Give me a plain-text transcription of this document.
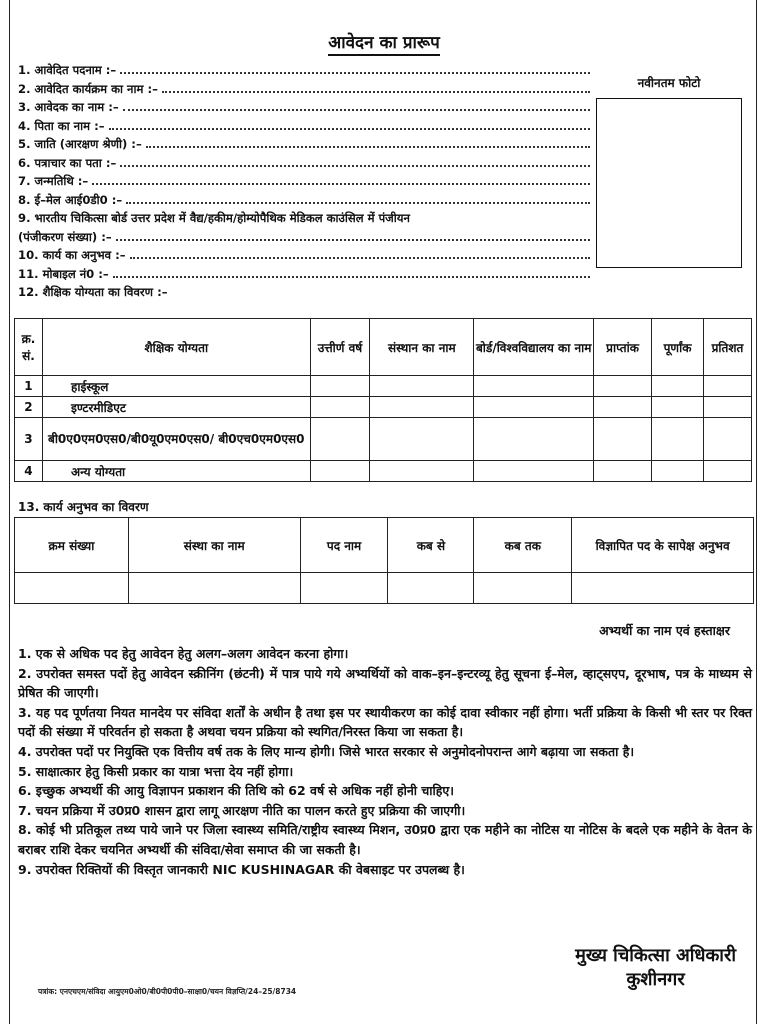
आवेदन का प्रारूप
1. आवेदित पदनाम :–
2. आवेदित कार्यक्रम का नाम :–
3. आवेदक का नाम :–
4. पिता का नाम :–
5. जाति (आरक्षण श्रेणी) :–
6. पत्राचार का पता :–
7. जन्मतिथि :–
8. ई–मेल आई0डी0 :–
9. भारतीय चिकित्सा बोर्ड उत्तर प्रदेश में वैद्य/हकीम/होम्योपैथिक मेडिकल काउंसिल में पंजीयन
(पंजीकरण संख्या) :–
10. कार्य का अनुभव :–
11. मोबाइल नं0 :–
12. शैक्षिक योग्यता का विवरण :–
नवीनतम फोटो
क्र. सं.	शैक्षिक योग्यता	उत्तीर्ण वर्ष	संस्थान का नाम	बोर्ड/विश्वविद्यालय का नाम	प्राप्तांक	पूर्णांक	प्रतिशत
1	हाईस्कूल						
2	इण्टरमीडिएट						
3	बी0ए0एम0एस0/बी0यू0एम0एस0/ बी0एच0एम0एस0						
4	अन्य योग्यता						
13. कार्य अनुभव का विवरण
क्रम संख्या	संस्था का नाम	पद नाम	कब से	कब तक	विज्ञापित पद के सापेक्ष अनुभव

अभ्यर्थी का नाम एवं हस्ताक्षर

1. एक से अधिक पद हेतु आवेदन हेतु अलग–अलग आवेदन करना होगा।

2. उपरोक्त समस्त पदों हेतु आवेदन स्क्रीनिंग (छंटनी) में पात्र पाये गये अभ्यर्थियों को वाक–इन–इन्टरव्यू हेतु सूचना ई–मेल, व्हाट्सएप, दूरभाष, पत्र के माध्यम से प्रेषित की जाएगी।

3. यह पद पूर्णतया नियत मानदेय पर संविदा शर्तों के अधीन है तथा इस पर स्थायीकरण का कोई दावा स्वीकार नहीं होगा। भर्ती प्रक्रिया के किसी भी स्तर पर रिक्त पदों की संख्या में परिवर्तन हो सकता है अथवा चयन प्रक्रिया को स्थगित/निरस्त किया जा सकता है।

4. उपरोक्त पदों पर नियुक्ति एक वित्तीय वर्ष तक के लिए मान्य होगी। जिसे भारत सरकार से अनुमोदनोपरान्त आगे बढ़ाया जा सकता है।

5. साक्षात्कार हेतु किसी प्रकार का यात्रा भत्ता देय नहीं होगा।

6. इच्छुक अभ्यर्थी की आयु विज्ञापन प्रकाशन की तिथि को 62 वर्ष से अधिक नहीं होनी चाहिए।

7. चयन प्रक्रिया में उ0प्र0 शासन द्वारा लागू आरक्षण नीति का पालन करते हुए प्रक्रिया की जाएगी।

8. कोई भी प्रतिकूल तथ्य पाये जाने पर जिला स्वास्थ्य समिति/राष्ट्रीय स्वास्थ्य मिशन, उ0प्र0 द्वारा एक महीने का नोटिस या नोटिस के बदले एक महीने के वेतन के बराबर राशि देकर चयनित अभ्यर्थी की संविदा/सेवा समाप्त की जा सकती है।

9. उपरोक्त रिक्तियों की विस्तृत जानकारी NIC KUSHINAGAR की वेबसाइट पर उपलब्ध है।

मुख्य चिकित्सा अधिकारी
कुशीनगर
पत्रांक: एनएचएम/संविदा आयुएम0ओ0/बी0पी0पी0–साक्षा0/चयन विज्ञप्ति/24–25/8734
